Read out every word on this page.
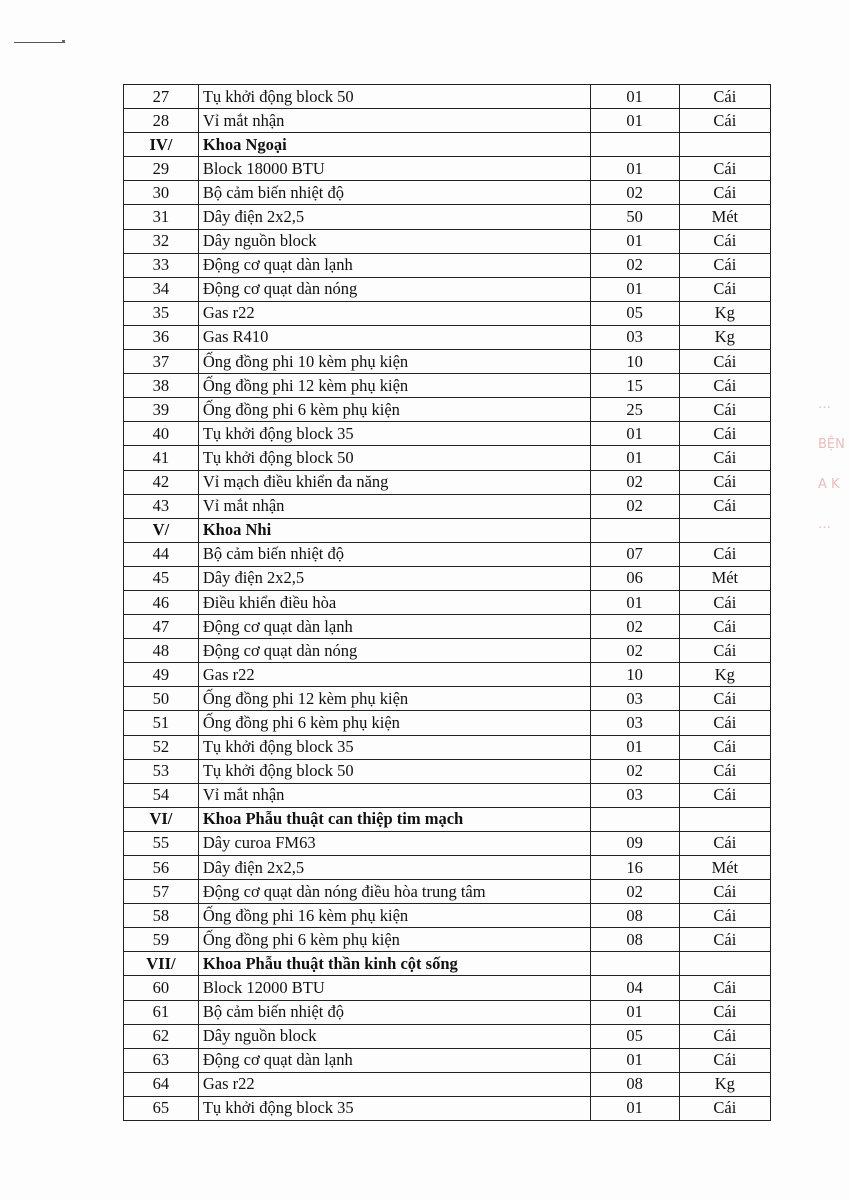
27	Tụ khởi động block 50	01	Cái
28	Vỉ mắt nhận	01	Cái
IV/	Khoa Ngoại		
29	Block 18000 BTU	01	Cái
30	Bộ cảm biến nhiệt độ	02	Cái
31	Dây điện 2x2,5	50	Mét
32	Dây nguồn block	01	Cái
33	Động cơ quạt dàn lạnh	02	Cái
34	Động cơ quạt dàn nóng	01	Cái
35	Gas r22	05	Kg
36	Gas R410	03	Kg
37	Ống đồng phi 10 kèm phụ kiện	10	Cái
38	Ống đồng phi 12 kèm phụ kiện	15	Cái
39	Ống đồng phi 6 kèm phụ kiện	25	Cái
40	Tụ khởi động block 35	01	Cái
41	Tụ khởi động block 50	01	Cái
42	Vỉ mạch điều khiển đa năng	02	Cái
43	Vỉ mắt nhận	02	Cái
V/	Khoa Nhi		
44	Bộ cảm biến nhiệt độ	07	Cái
45	Dây điện 2x2,5	06	Mét
46	Điều khiển điều hòa	01	Cái
47	Động cơ quạt dàn lạnh	02	Cái
48	Động cơ quạt dàn nóng	02	Cái
49	Gas r22	10	Kg
50	Ống đồng phi 12 kèm phụ kiện	03	Cái
51	Ống đồng phi 6 kèm phụ kiện	03	Cái
52	Tụ khởi động block 35	01	Cái
53	Tụ khởi động block 50	02	Cái
54	Vỉ mắt nhận	03	Cái
VI/	Khoa Phẫu thuật can thiệp tim mạch		
55	Dây curoa FM63	09	Cái
56	Dây điện 2x2,5	16	Mét
57	Động cơ quạt dàn nóng điều hòa trung tâm	02	Cái
58	Ống đồng phi 16 kèm phụ kiện	08	Cái
59	Ống đồng phi 6 kèm phụ kiện	08	Cái
VII/	Khoa Phẫu thuật thần kinh cột sống		
60	Block 12000 BTU	04	Cái
61	Bộ cảm biến nhiệt độ	01	Cái
62	Dây nguồn block	05	Cái
63	Động cơ quạt dàn lạnh	01	Cái
64	Gas r22	08	Kg
65	Tụ khởi động block 35	01	Cái
…
BỆN
A K
…
